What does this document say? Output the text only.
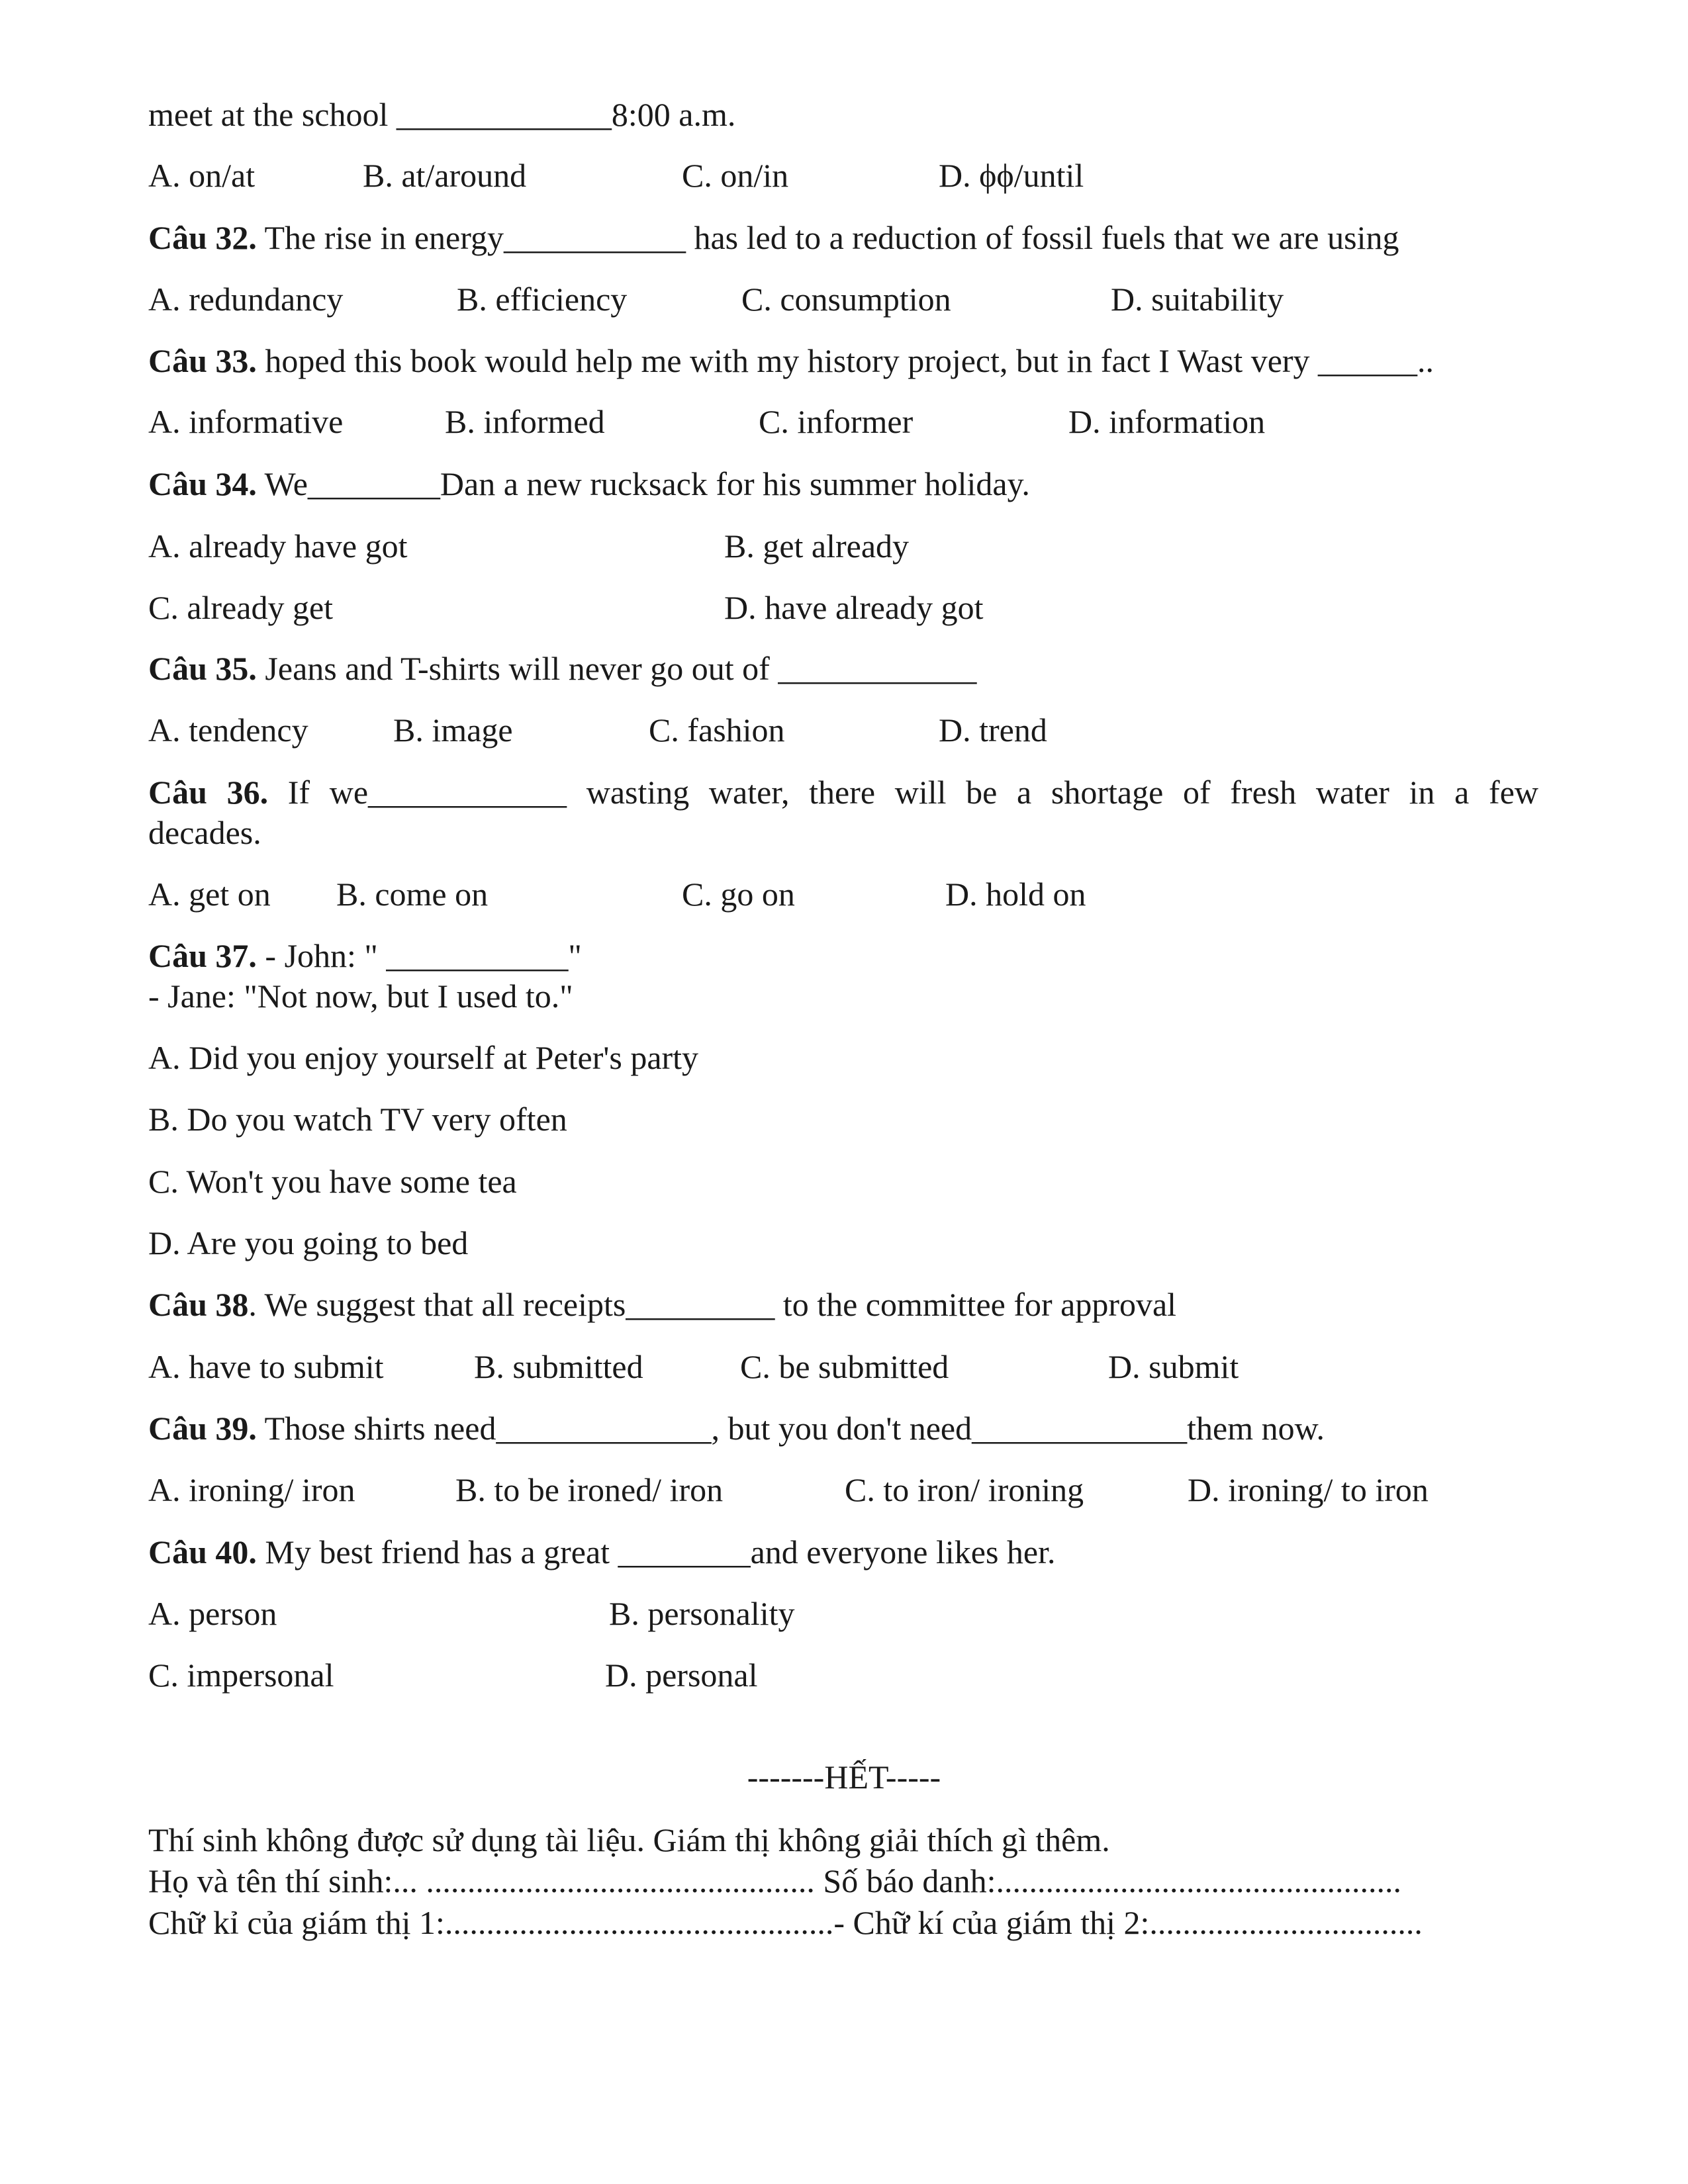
meet at the school _____________8:00 a.m.
A. on/at	B. at/around	C. on/in	D. ϕϕ/until
Câu 32. The rise in energy___________ has led to a reduction of fossil fuels that we are using
A. redundancy	B. efficiency	C. consumption	D. suitability
Câu 33. hoped this book would help me with my history project, but in fact I Wast very ______..
A. informative	B. informed	C. informer	D. information
Câu 34. We________Dan a new rucksack for his summer holiday.
A. already have got	B. get already
C. already get	D. have already got
Câu 35. Jeans and T-shirts will never go out of ____________
A. tendency	B. image	C. fashion	D. trend
Câu 36. If we____________ wasting water, there will be a shortage of fresh water in a few
decades.
A. get on B. come on	C. go on	D. hold on
Câu 37. - John: " ___________"
- Jane: "Not now, but I used to."
A. Did you enjoy yourself at Peter's party
B. Do you watch TV very often
C. Won't you have some tea
D. Are you going to bed
Câu 38. We suggest that all receipts_________ to the committee for approval
A. have to submit	B. submitted	C. be submitted	D. submit
Câu 39. Those shirts need_____________, but you don't need_____________them now.
A. ironing/ iron	B. to be ironed/ iron	C. to iron/ ironing	D. ironing/ to iron
Câu 40. My best friend has a great ________and everyone likes her.
A. person	B. personality
C. impersonal	D. personal
-------HẾT-----
Thí sinh không được sử dụng tài liệu. Giám thị không giải thích gì thêm.
Họ và tên thí sinh:... ............................................... Số báo danh:.................................................
Chữ kỉ của giám thị 1:...............................................- Chữ kí của giám thị 2:.................................
